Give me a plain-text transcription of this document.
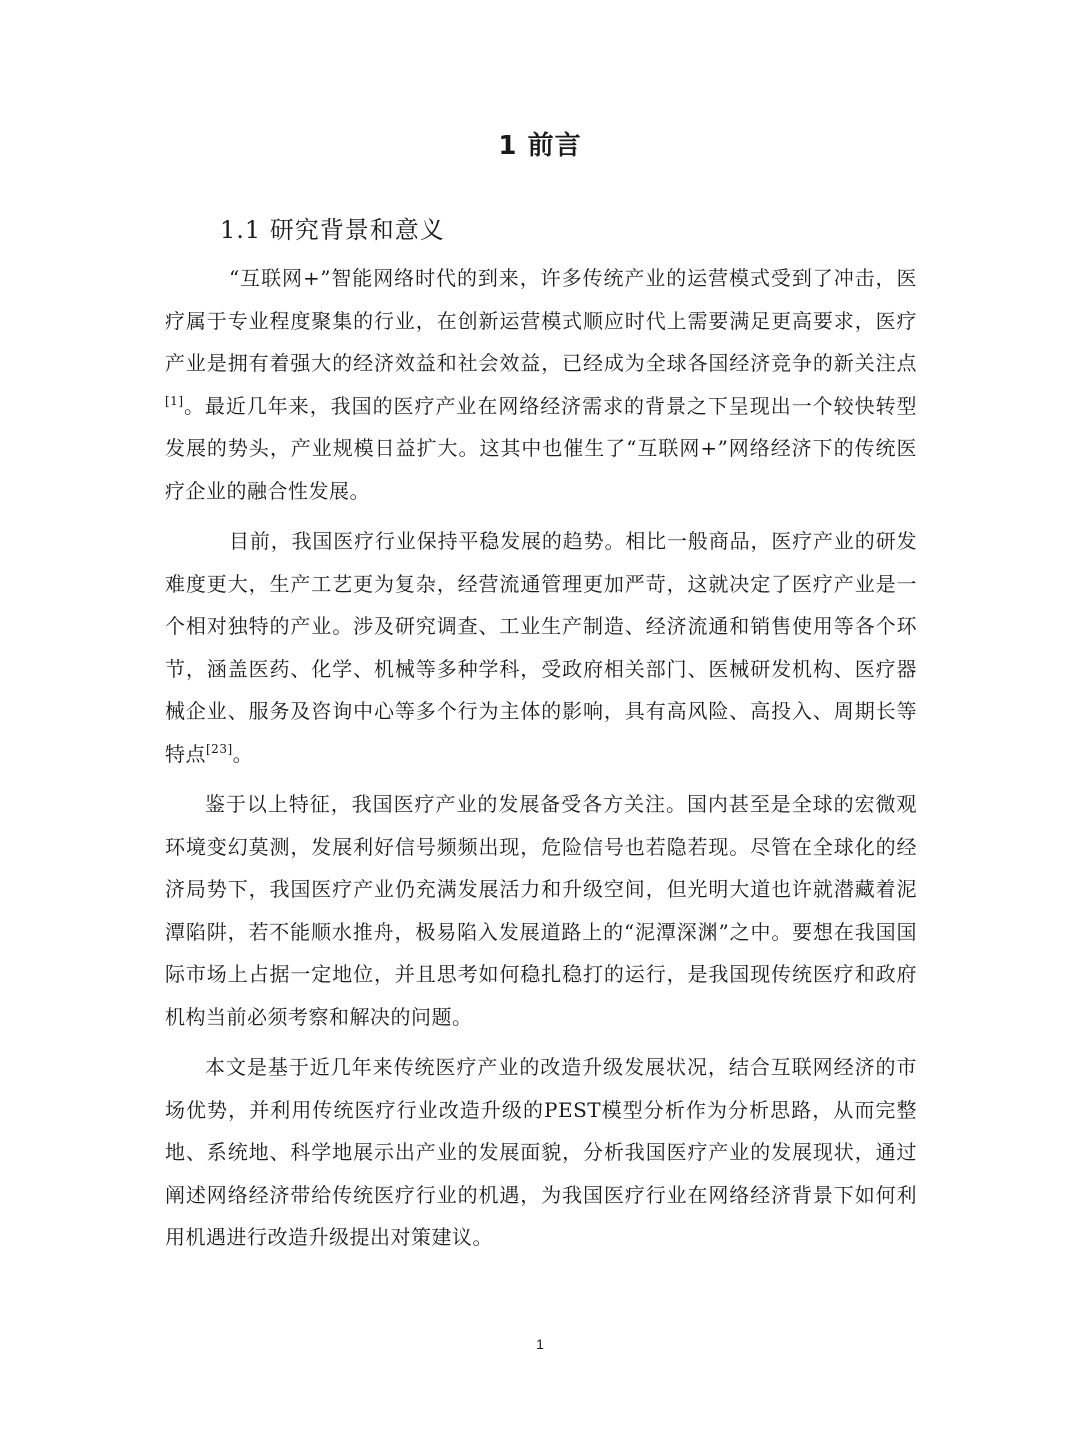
1 前言
1.1 研究背景和意义

“互联网+”智能网络时代的到来，许多传统产业的运营模式受到了冲击，医疗属于专业程度聚集的行业，在创新运营模式顺应时代上需要满足更高要求，医疗产业是拥有着强大的经济效益和社会效益，已经成为全球各国经济竞争的新关注点[1]。最近几年来，我国的医疗产业在网络经济需求的背景之下呈现出一个较快转型发展的势头，产业规模日益扩大。这其中也催生了“互联网+”网络经济下的传统医疗企业的融合性发展。

目前，我国医疗行业保持平稳发展的趋势。相比一般商品，医疗产业的研发难度更大，生产工艺更为复杂，经营流通管理更加严苛，这就决定了医疗产业是一个相对独特的产业。涉及研究调查、工业生产制造、经济流通和销售使用等各个环节，涵盖医药、化学、机械等多种学科，受政府相关部门、医械研发机构、医疗器械企业、服务及咨询中心等多个行为主体的影响，具有高风险、高投入、周期长等特点[23]。

鉴于以上特征，我国医疗产业的发展备受各方关注。国内甚至是全球的宏微观环境变幻莫测，发展利好信号频频出现，危险信号也若隐若现。尽管在全球化的经济局势下，我国医疗产业仍充满发展活力和升级空间，但光明大道也许就潜藏着泥潭陷阱，若不能顺水推舟，极易陷入发展道路上的“泥潭深渊”之中。要想在我国国际市场上占据一定地位，并且思考如何稳扎稳打的运行，是我国现传统医疗和政府机构当前必须考察和解决的问题。

本文是基于近几年来传统医疗产业的改造升级发展状况，结合互联网经济的市场优势，并利用传统医疗行业改造升级的PEST模型分析作为分析思路，从而完整地、系统地、科学地展示出产业的发展面貌，分析我国医疗产业的发展现状，通过阐述网络经济带给传统医疗行业的机遇，为我国医疗行业在网络经济背景下如何利用机遇进行改造升级提出对策建议。

1
